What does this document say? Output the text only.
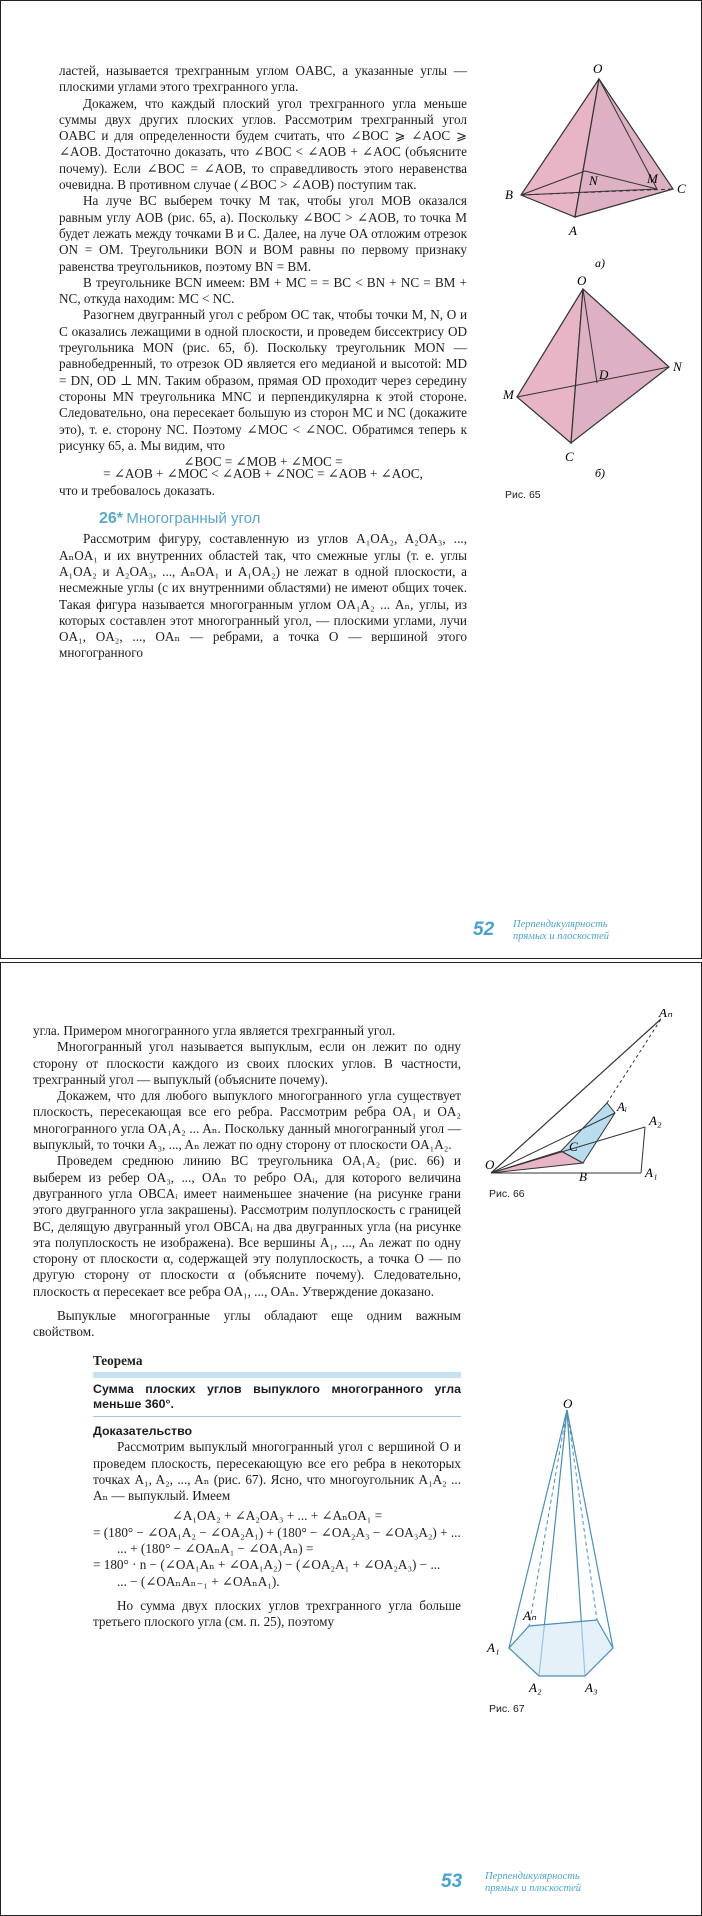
ластей, называется трехгранным углом OABC, а указанные углы — плоскими углами этого трехгранного угла.

Докажем, что каждый плоский угол трехгранного угла меньше суммы двух других плоских углов. Рассмотрим трехгранный угол OABC и для определенности будем считать, что ∠BOC ⩾ ∠AOC ⩾ ∠AOB. Достаточно доказать, что ∠BOC < ∠AOB + ∠AOC (объясните почему). Если ∠BOC = ∠AOB, то справедливость этого неравенства очевидна. В противном случае (∠BOC > ∠AOB) поступим так.

На луче BC выберем точку M так, чтобы угол MOB оказался равным углу AOB (рис. 65, а). Поскольку ∠BOC > ∠AOB, то точка M будет лежать между точками B и C. Далее, на луче OA отложим отрезок ON = OM. Треугольники BON и BOM равны по первому признаку равенства треугольников, поэтому BN = BM.

В треугольнике BCN имеем: BM + MC = = BC < BN + NC = BM + NC, откуда находим: MC < NC.

Разогнем двугранный угол с ребром OC так, чтобы точки M, N, O и C оказались лежащими в одной плоскости, и проведем биссектрису OD треугольника MON (рис. 65, б). Поскольку треугольник MON — равнобедренный, то отрезок OD является его медианой и высотой: MD = DN, OD ⊥ MN. Таким образом, прямая OD проходит через середину стороны MN треугольника MNC и перпендикулярна к этой стороне. Следовательно, она пересекает большую из сторон MC и NC (докажите это), т. е. сторону NC. Поэтому ∠MOC < ∠NOC. Обратимся теперь к рисунку 65, а. Мы видим, что

∠BOC = ∠MOB + ∠MOC =

= ∠AOB + ∠MOC < ∠AOB + ∠NOC = ∠AOB + ∠AOC,

что и требовалось доказать.

26* Многогранный угол

Рассмотрим фигуру, составленную из углов A₁OA₂, A₂OA₃, ..., AₙOA₁ и их внутренних областей так, что смежные углы (т. е. углы A₁OA₂ и A₂OA₃, ..., AₙOA₁ и A₁OA₂) не лежат в одной плоскости, а несмежные углы (с их внутренними областями) не имеют общих точек. Такая фигура называется многогранным углом OA₁A₂ ... Aₙ, углы, из которых составлен этот многогранный угол, — плоскими углами, лучи OA₁, OA₂, ..., OAₙ — ребрами, а точка O — вершиной этого многогранного

O
B
M
C
N
A
а)
O
M
D
N
C
б)
Рис. 65
52 Перпендикулярность
прямых и плоскостей

угла. Примером многогранного угла является трехгранный угол.

Многогранный угол называется выпуклым, если он лежит по одну сторону от плоскости каждого из своих плоских углов. В частности, трехгранный угол — выпуклый (объясните почему).

Докажем, что для любого выпуклого многогранного угла существует плоскость, пересекающая все его ребра. Рассмотрим ребра OA₁ и OA₂ многогранного угла OA₁A₂ ... Aₙ. Поскольку данный многогранный угол — выпуклый, то точки A₃, ..., Aₙ лежат по одну сторону от плоскости OA₁A₂.

Проведем среднюю линию BC треугольника OA₁A₂ (рис. 66) и выберем из ребер OA₃, ..., OAₙ то ребро OAᵢ, для которого величина двугранного угла OBCAᵢ имеет наименьшее значение (на рисунке грани этого двугранного угла закрашены). Рассмотрим полуплоскость с границей BC, делящую двугранный угол OBCAᵢ на два двугранных угла (на рисунке эта полуплоскость не изображена). Все вершины A₁, ..., Aₙ лежат по одну сторону от плоскости α, содержащей эту полуплоскость, а точка O — по другую сторону от плоскости α (объясните почему). Следовательно, плоскость α пересекает все ребра OA₁, ..., OAₙ. Утверждение доказано.

Выпуклые многогранные углы обладают еще одним важным свойством.

Теорема
Сумма плоских углов выпуклого многогранного угла меньше 360°.
Доказательство

Рассмотрим выпуклый многогранный угол с вершиной O и проведем плоскость, пересекающую все его ребра в некоторых точках A₁, A₂, ..., Aₙ (рис. 67). Ясно, что многоугольник A₁A₂ ... Aₙ — выпуклый. Имеем

∠A₁OA₂ + ∠A₂OA₃ + ... + ∠AₙOA₁ =

= (180° − ∠OA₁A₂ − ∠OA₂A₁) + (180° − ∠OA₂A₃ − ∠OA₃A₂) + ...

... + (180° − ∠OAₙA₁ − ∠OA₁Aₙ) =

= 180° · n − (∠OA₁Aₙ + ∠OA₁A₂) − (∠OA₂A₁ + ∠OA₂A₃) − ...

... − (∠OAₙAₙ₋₁ + ∠OAₙA₁).

Но сумма двух плоских углов трехгранного угла больше третьего плоского угла (см. п. 25), поэтому

Aₙ
Aᵢ
A₂
A₁
O
C
B
Рис. 66
O
A₁
Aₙ
A₂	A₃
Рис. 67
53 Перпендикулярность
прямых и плоскостей
